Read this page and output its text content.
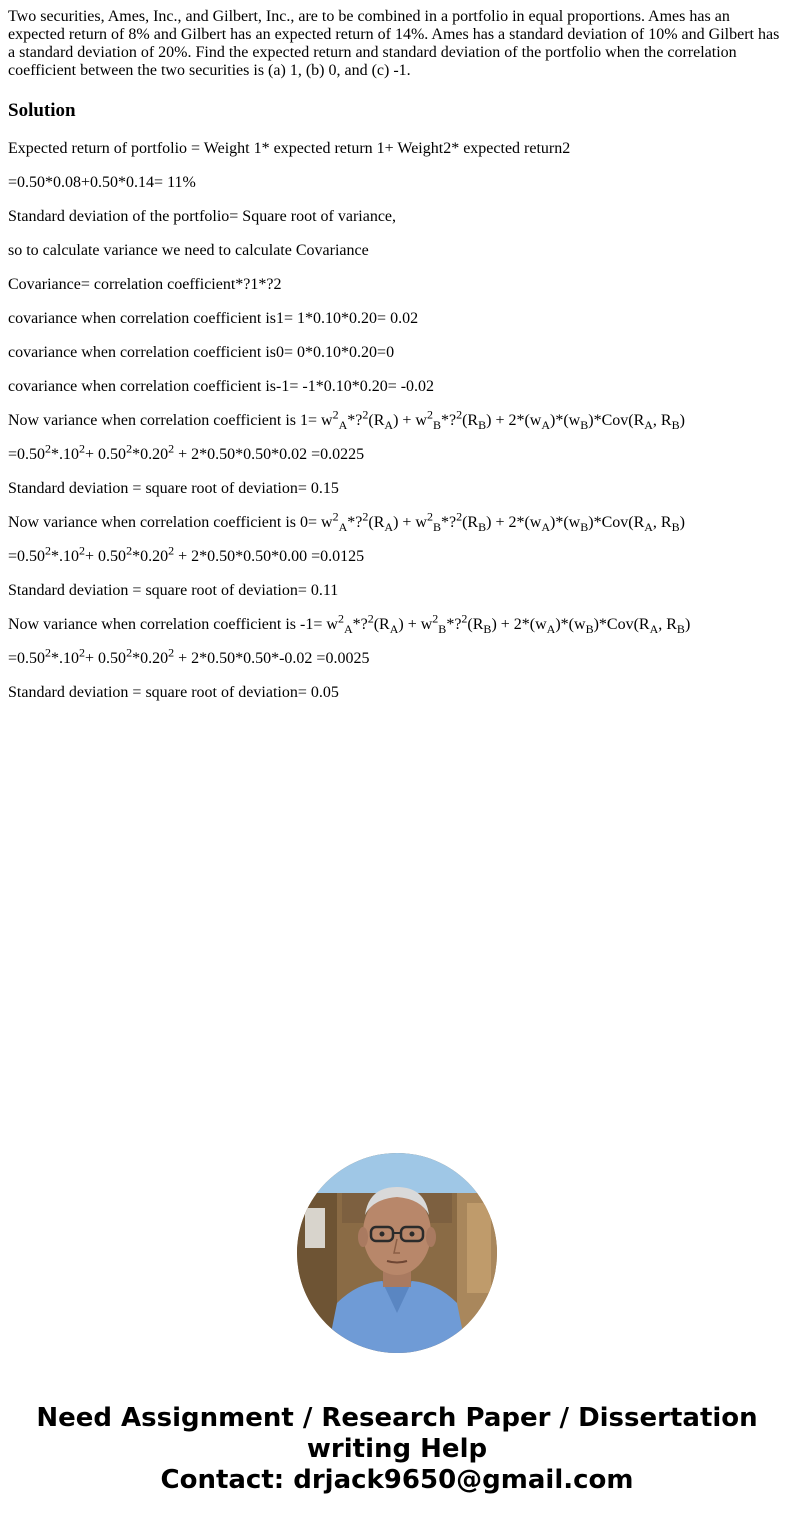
Two securities, Ames, Inc., and Gilbert, Inc., are to be combined in a portfolio in equal proportions. Ames has an expected return of 8% and Gilbert has an expected return of 14%. Ames has a standard deviation of 10% and Gilbert has a standard deviation of 20%. Find the expected return and standard deviation of the portfolio when the correlation coefficient between the two securities is (a) 1, (b) 0, and (c) -1.

Solution

Expected return of portfolio = Weight 1* expected return 1+ Weight2* expected return2

=0.50*0.08+0.50*0.14= 11%

Standard deviation of the portfolio= Square root of variance,

so to calculate variance we need to calculate Covariance

Covariance= correlation coefficient*?1*?2

covariance when correlation coefficient is1= 1*0.10*0.20= 0.02

covariance when correlation coefficient is0= 0*0.10*0.20=0

covariance when correlation coefficient is-1= -1*0.10*0.20= -0.02

Now variance when correlation coefficient is $1= w^2_A*?^2(R_A)$ + $w^2_B*?^2(R_B) + 2*(w_A)*(w_B)*Cov(R_A$, $R_B$)

$=0.50^2*.10^2+ 0.50^2*0.20^2 + 2*0.50*0.50*0.02 =0.0225$

Standard deviation = square root of deviation= 0.15

Now variance when correlation coefficient is $0= w^2_A*?^2(R_A)$ + $w^2_B*?^2(R_B) + 2*(w_A)*(w_B)*Cov(R_A$, $R_B$)

$=0.50^2*.10^2+ 0.50^2*0.20^2 + 2*0.50*0.50*0.00 =0.0125$

Standard deviation = square root of deviation= 0.11

Now variance when correlation coefficient is $-1= w^2_A*?^2(R_A)$ + $w^2_B*?^2(R_B) + 2*(w_A)*(w_B)*Cov(R_A$, $R_B$)

$=0.50^2*.10^2+ 0.50^2*0.20^2 + 2*0.50*0.50*-0.02 =0.0025$

Standard deviation = square root of deviation= 0.05

Need Assignment / Research Paper / Dissertation
writing Help
Contact: drjack9650@gmail.com
